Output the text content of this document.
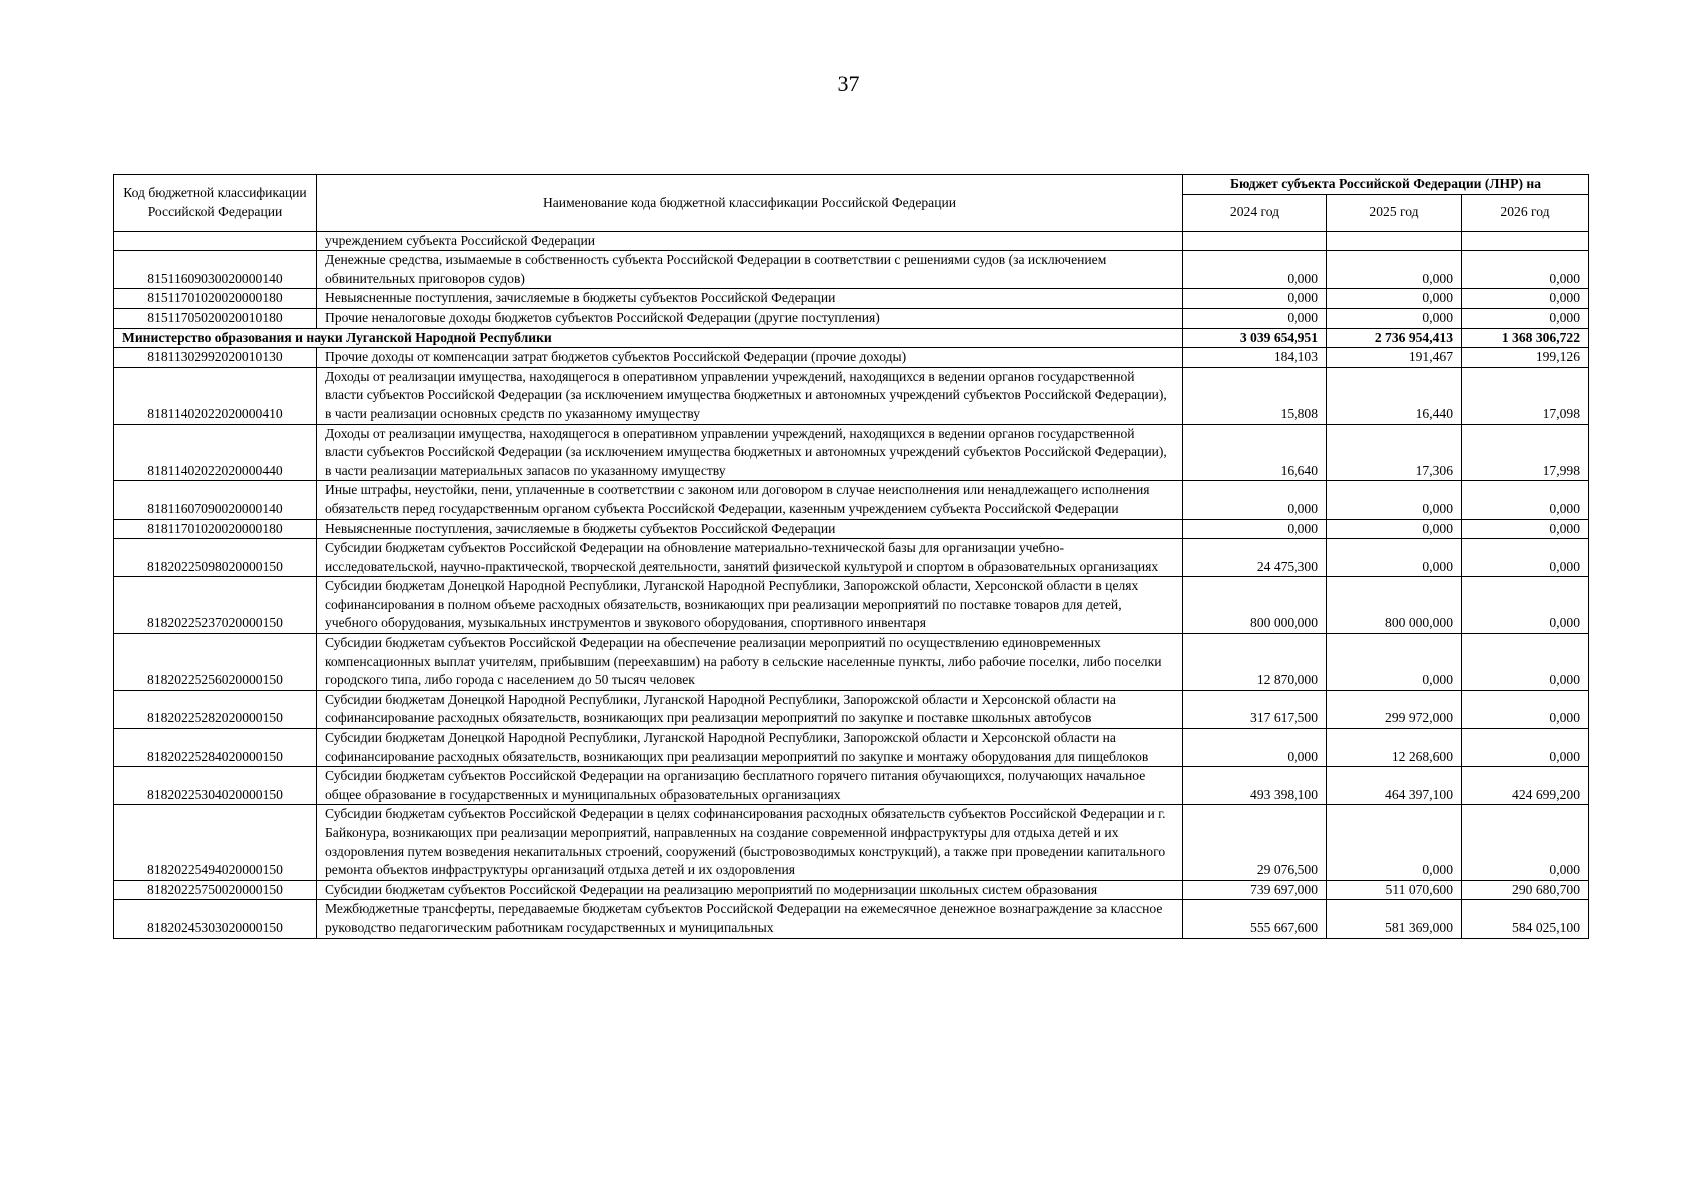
37
Код бюджетной классификации Российской Федерации	Наименование кода бюджетной классификации Российской Федерации	Бюджет субъекта Российской Федерации (ЛНР) на		
		2024 год	2025 год	2026 год
	учреждением субъекта Российской Федерации			
81511609030020000140	Денежные средства, изымаемые в собственность субъекта Российской Федерации в соответствии с решениями судов (за исключением обвинительных приговоров судов)	0,000	0,000	0,000
81511701020020000180	Невыясненные поступления, зачисляемые в бюджеты субъектов Российской Федерации	0,000	0,000	0,000
81511705020020010180	Прочие неналоговые доходы бюджетов субъектов Российской Федерации (другие поступления)	0,000	0,000	0,000
Министерство образования и науки Луганской Народной Республики		3 039 654,951	2 736 954,413	1 368 306,722
81811302992020010130	Прочие доходы от компенсации затрат бюджетов субъектов Российской Федерации (прочие доходы)	184,103	191,467	199,126
81811402022020000410	Доходы от реализации имущества, находящегося в оперативном управлении учреждений, находящихся в ведении органов государственной власти субъектов Российской Федерации (за исключением имущества бюджетных и автономных учреждений субъектов Российской Федерации), в части реализации основных средств по указанному имуществу	15,808	16,440	17,098
81811402022020000440	Доходы от реализации имущества, находящегося в оперативном управлении учреждений, находящихся в ведении органов государственной власти субъектов Российской Федерации (за исключением имущества бюджетных и автономных учреждений субъектов Российской Федерации), в части реализации материальных запасов по указанному имуществу	16,640	17,306	17,998
81811607090020000140	Иные штрафы, неустойки, пени, уплаченные в соответствии с законом или договором в случае неисполнения или ненадлежащего исполнения обязательств перед государственным органом субъекта Российской Федерации, казенным учреждением субъекта Российской Федерации	0,000	0,000	0,000
81811701020020000180	Невыясненные поступления, зачисляемые в бюджеты субъектов Российской Федерации	0,000	0,000	0,000
81820225098020000150	Субсидии бюджетам субъектов Российской Федерации на обновление материально-технической базы для организации учебно-исследовательской, научно-практической, творческой деятельности, занятий физической культурой и спортом в образовательных организациях	24 475,300	0,000	0,000
81820225237020000150	Субсидии бюджетам Донецкой Народной Республики, Луганской Народной Республики, Запорожской области, Херсонской области в целях софинансирования в полном объеме расходных обязательств, возникающих при реализации мероприятий по поставке товаров для детей, учебного оборудования, музыкальных инструментов и звукового оборудования, спортивного инвентаря	800 000,000	800 000,000	0,000
81820225256020000150	Субсидии бюджетам субъектов Российской Федерации на обеспечение реализации мероприятий по осуществлению единовременных компенсационных выплат учителям, прибывшим (переехавшим) на работу в сельские населенные пункты, либо рабочие поселки, либо поселки городского типа, либо города с населением до 50 тысяч человек	12 870,000	0,000	0,000
81820225282020000150	Субсидии бюджетам Донецкой Народной Республики, Луганской Народной Республики, Запорожской области и Херсонской области на софинансирование расходных обязательств, возникающих при реализации мероприятий по закупке и поставке школьных автобусов	317 617,500	299 972,000	0,000
81820225284020000150	Субсидии бюджетам Донецкой Народной Республики, Луганской Народной Республики, Запорожской области и Херсонской области на софинансирование расходных обязательств, возникающих при реализации мероприятий по закупке и монтажу оборудования для пищеблоков	0,000	12 268,600	0,000
81820225304020000150	Субсидии бюджетам субъектов Российской Федерации на организацию бесплатного горячего питания обучающихся, получающих начальное общее образование в государственных и муниципальных образовательных организациях	493 398,100	464 397,100	424 699,200
81820225494020000150	Субсидии бюджетам субъектов Российской Федерации в целях софинансирования расходных обязательств субъектов Российской Федерации и г. Байконура, возникающих при реализации мероприятий, направленных на создание современной инфраструктуры для отдыха детей и их оздоровления путем возведения некапитальных строений, сооружений (быстровозводимых конструкций), а также при проведении капитального ремонта объектов инфраструктуры организаций отдыха детей и их оздоровления	29 076,500	0,000	0,000
81820225750020000150	Субсидии бюджетам субъектов Российской Федерации на реализацию мероприятий по модернизации школьных систем образования	739 697,000	511 070,600	290 680,700
81820245303020000150	Межбюджетные трансферты, передаваемые бюджетам субъектов Российской Федерации на ежемесячное денежное вознаграждение за классное руководство педагогическим работникам государственных и муниципальных	555 667,600	581 369,000	584 025,100
